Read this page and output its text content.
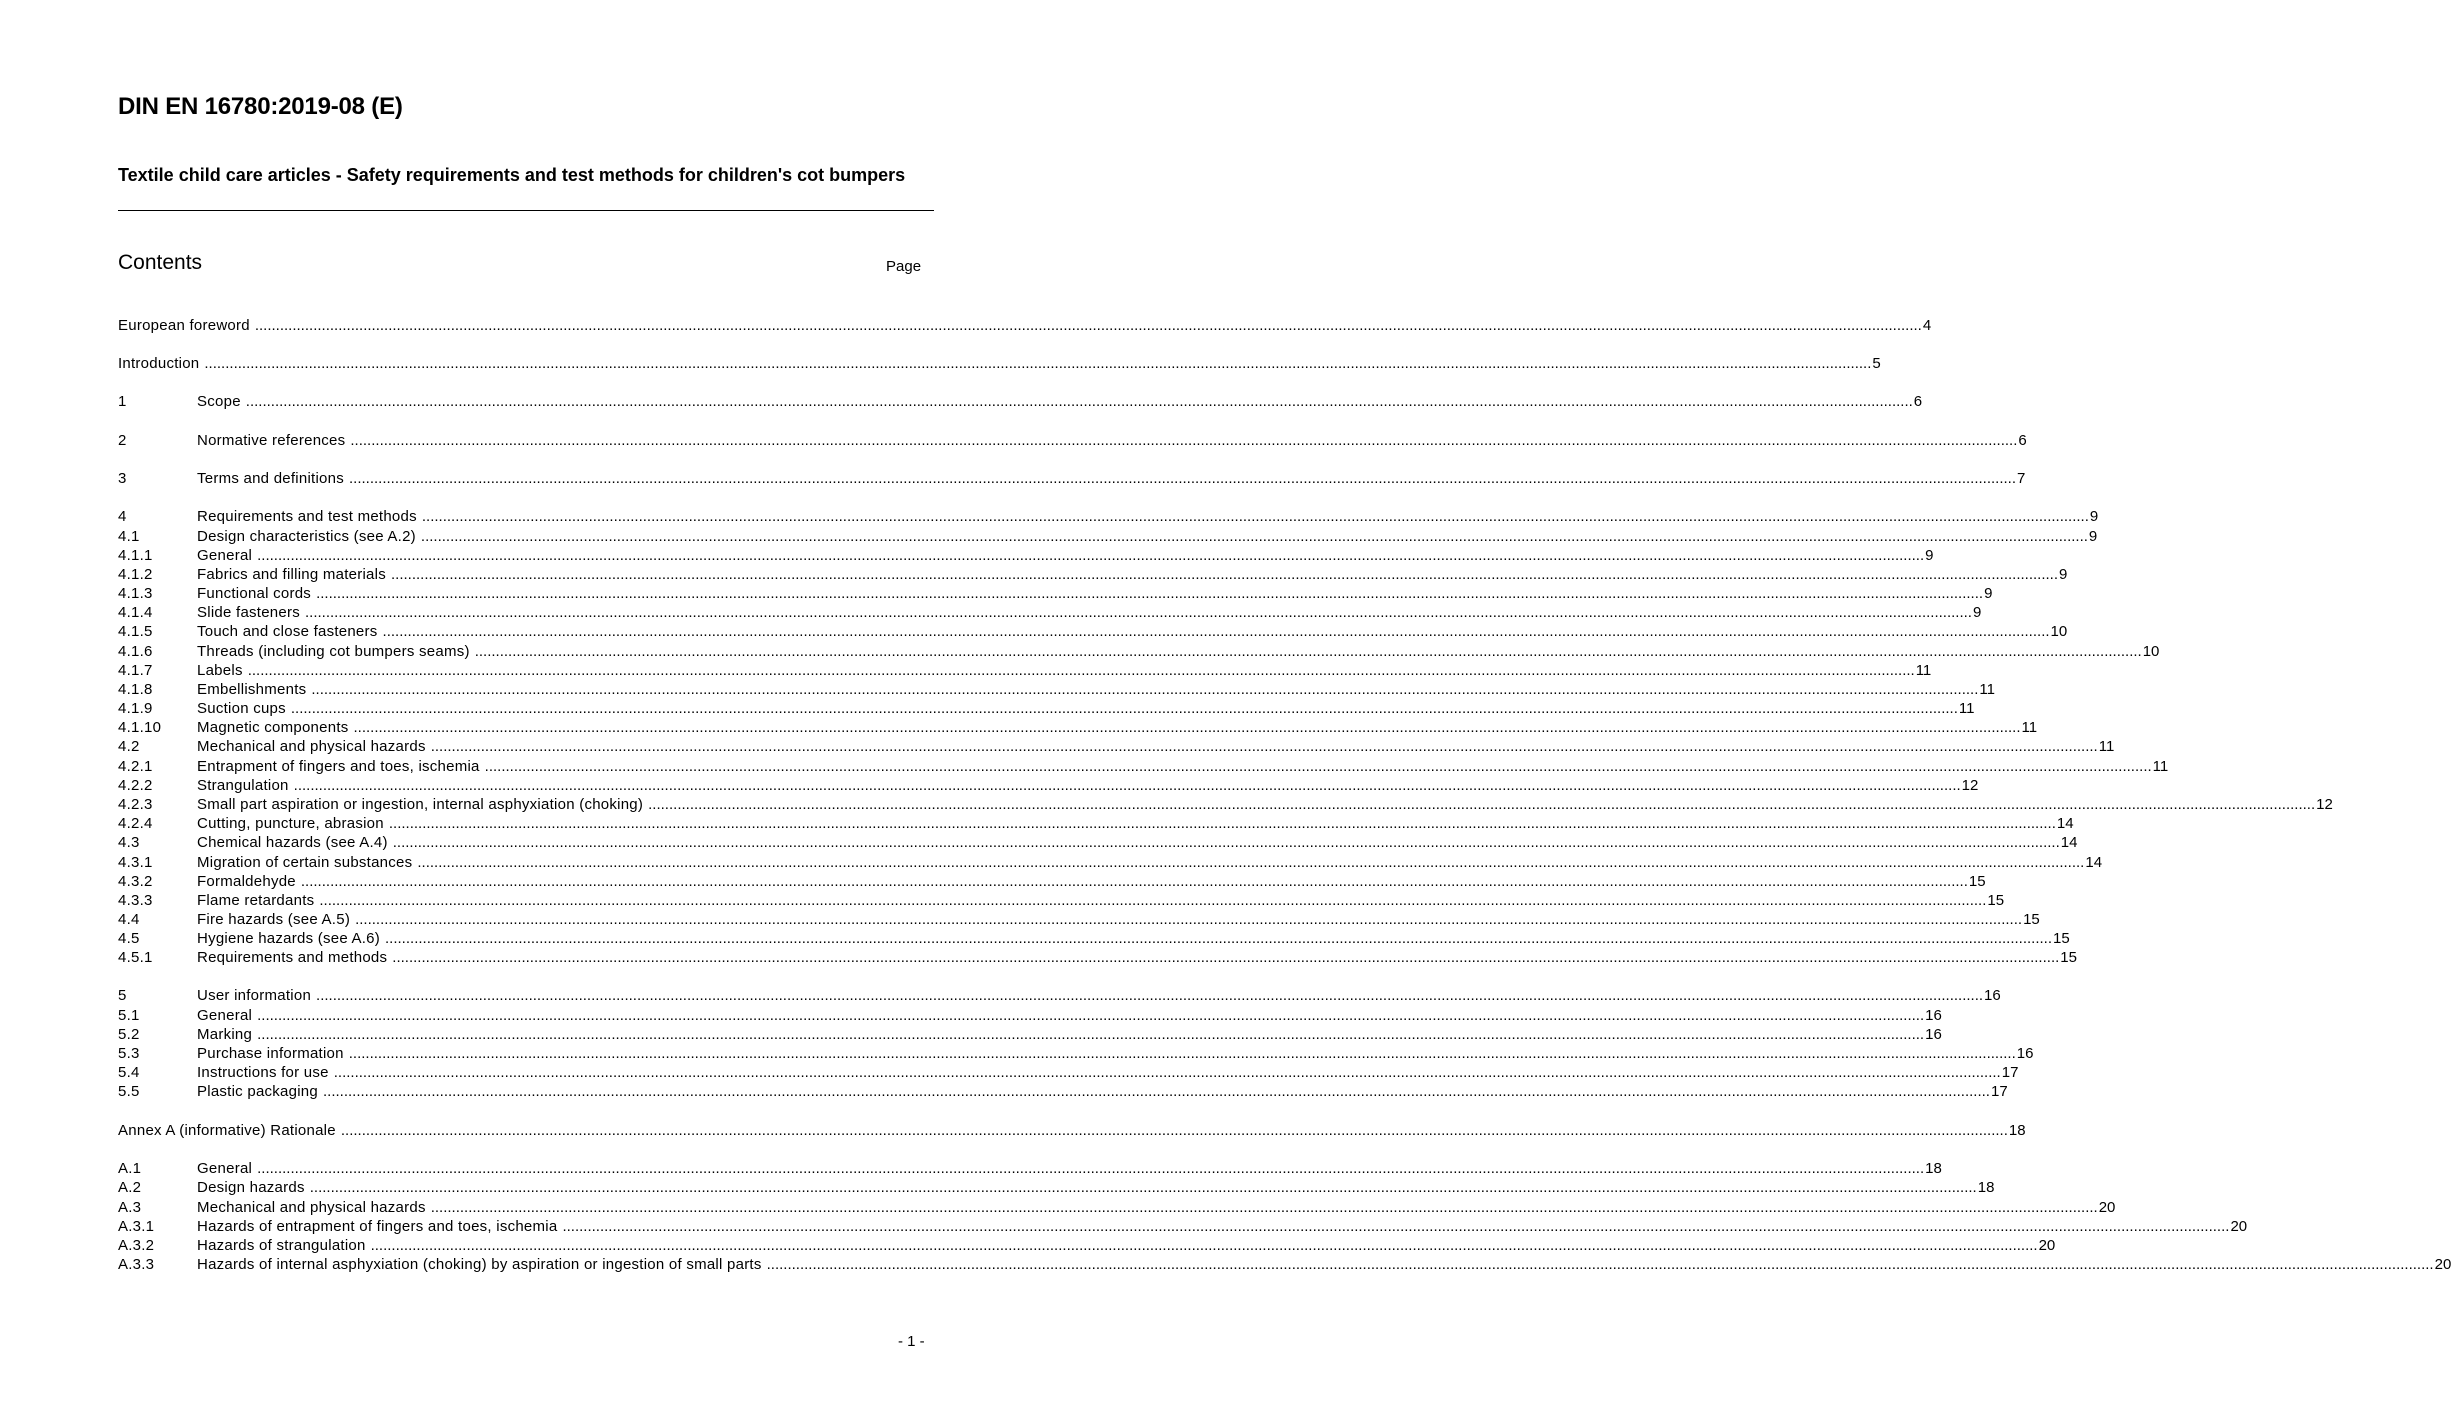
DIN EN 16780:2019-08 (E)
Textile child care articles - Safety requirements and test methods for children's cot bumpers
Contents	Page
European foreword ................................................................................................................................................................................................................................................................................................................................................................................................................ 4
Introduction ................................................................................................................................................................................................................................................................................................................................................................................................................ 5
1	Scope ................................................................................................................................................................................................................................................................................................................................................................................................................ 6
2	Normative references ................................................................................................................................................................................................................................................................................................................................................................................................................ 6
3	Terms and definitions ................................................................................................................................................................................................................................................................................................................................................................................................................ 7
4	Requirements and test methods ................................................................................................................................................................................................................................................................................................................................................................................................................ 9
4.1	Design characteristics (see A.2) ................................................................................................................................................................................................................................................................................................................................................................................................................ 9
4.1.1	General ................................................................................................................................................................................................................................................................................................................................................................................................................ 9
4.1.2	Fabrics and filling materials ................................................................................................................................................................................................................................................................................................................................................................................................................ 9
4.1.3	Functional cords ................................................................................................................................................................................................................................................................................................................................................................................................................ 9
4.1.4	Slide fasteners ................................................................................................................................................................................................................................................................................................................................................................................................................ 9
4.1.5	Touch and close fasteners ................................................................................................................................................................................................................................................................................................................................................................................................................ 10
4.1.6	Threads (including cot bumpers seams) ................................................................................................................................................................................................................................................................................................................................................................................................................ 10
4.1.7	Labels ................................................................................................................................................................................................................................................................................................................................................................................................................ 11
4.1.8	Embellishments ................................................................................................................................................................................................................................................................................................................................................................................................................ 11
4.1.9	Suction cups ................................................................................................................................................................................................................................................................................................................................................................................................................ 11
4.1.10	Magnetic components ................................................................................................................................................................................................................................................................................................................................................................................................................ 11
4.2	Mechanical and physical hazards ................................................................................................................................................................................................................................................................................................................................................................................................................ 11
4.2.1	Entrapment of fingers and toes, ischemia ................................................................................................................................................................................................................................................................................................................................................................................................................ 11
4.2.2	Strangulation ................................................................................................................................................................................................................................................................................................................................................................................................................ 12
4.2.3	Small part aspiration or ingestion, internal asphyxiation (choking) ................................................................................................................................................................................................................................................................................................................................................................................................................ 12
4.2.4	Cutting, puncture, abrasion ................................................................................................................................................................................................................................................................................................................................................................................................................ 14
4.3	Chemical hazards (see A.4) ................................................................................................................................................................................................................................................................................................................................................................................................................ 14
4.3.1	Migration of certain substances ................................................................................................................................................................................................................................................................................................................................................................................................................ 14
4.3.2	Formaldehyde ................................................................................................................................................................................................................................................................................................................................................................................................................ 15
4.3.3	Flame retardants ................................................................................................................................................................................................................................................................................................................................................................................................................ 15
4.4	Fire hazards (see A.5) ................................................................................................................................................................................................................................................................................................................................................................................................................ 15
4.5	Hygiene hazards (see A.6) ................................................................................................................................................................................................................................................................................................................................................................................................................ 15
4.5.1	Requirements and methods ................................................................................................................................................................................................................................................................................................................................................................................................................ 15
5	User information ................................................................................................................................................................................................................................................................................................................................................................................................................ 16
5.1	General ................................................................................................................................................................................................................................................................................................................................................................................................................ 16
5.2	Marking ................................................................................................................................................................................................................................................................................................................................................................................................................ 16
5.3	Purchase information ................................................................................................................................................................................................................................................................................................................................................................................................................ 16
5.4	Instructions for use ................................................................................................................................................................................................................................................................................................................................................................................................................ 17
5.5	Plastic packaging ................................................................................................................................................................................................................................................................................................................................................................................................................ 17
Annex A (informative) Rationale ................................................................................................................................................................................................................................................................................................................................................................................................................ 18
A.1	General ................................................................................................................................................................................................................................................................................................................................................................................................................ 18
A.2	Design hazards ................................................................................................................................................................................................................................................................................................................................................................................................................ 18
A.3	Mechanical and physical hazards ................................................................................................................................................................................................................................................................................................................................................................................................................ 20
A.3.1	Hazards of entrapment of fingers and toes, ischemia ................................................................................................................................................................................................................................................................................................................................................................................................................ 20
A.3.2	Hazards of strangulation ................................................................................................................................................................................................................................................................................................................................................................................................................ 20
A.3.3	Hazards of internal asphyxiation (choking) by aspiration or ingestion of small parts ................................................................................................................................................................................................................................................................................................................................................................................................................ 20
- 1 -
